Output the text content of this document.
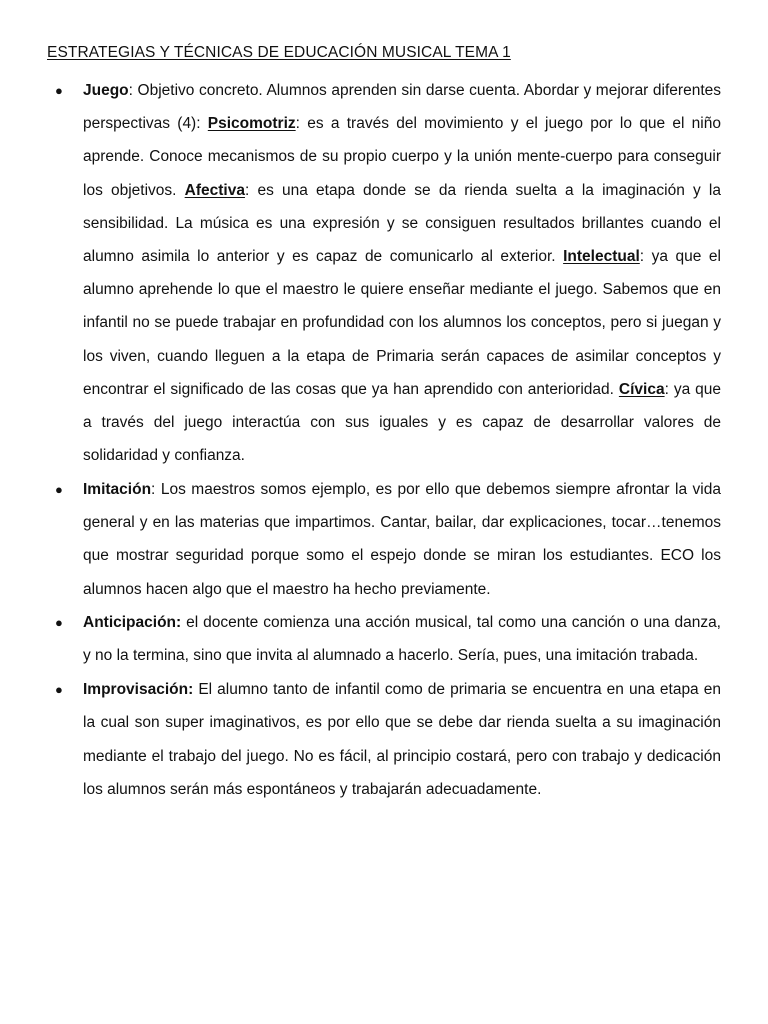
ESTRATEGIAS Y TÉCNICAS DE EDUCACIÓN MUSICAL TEMA 1
● Juego: Objetivo concreto. Alumnos aprenden sin darse cuenta. Abordar y mejorar diferentes perspectivas (4): Psicomotriz: es a través del movimiento y el juego por lo que el niño aprende. Conoce mecanismos de su propio cuerpo y la unión mente-cuerpo para conseguir los objetivos. Afectiva: es una etapa donde se da rienda suelta a la imaginación y la sensibilidad. La música es una expresión y se consiguen resultados brillantes cuando el alumno asimila lo anterior y es capaz de comunicarlo al exterior. Intelectual: ya que el alumno aprehende lo que el maestro le quiere enseñar mediante el juego. Sabemos que en infantil no se puede trabajar en profundidad con los alumnos los conceptos, pero si juegan y los viven, cuando lleguen a la etapa de Primaria serán capaces de asimilar conceptos y encontrar el significado de las cosas que ya han aprendido con anterioridad. Cívica: ya que a través del juego interactúa con sus iguales y es capaz de desarrollar valores de solidaridad y confianza.
● Imitación: Los maestros somos ejemplo, es por ello que debemos siempre afrontar la vida general y en las materias que impartimos. Cantar, bailar, dar explicaciones, tocar…tenemos que mostrar seguridad porque somo el espejo donde se miran los estudiantes. ECO los alumnos hacen algo que el maestro ha hecho previamente.
● Anticipación: el docente comienza una acción musical, tal como una canción o una danza, y no la termina, sino que invita al alumnado a hacerlo. Sería, pues, una imitación trabada.
● Improvisación: El alumno tanto de infantil como de primaria se encuentra en una etapa en la cual son super imaginativos, es por ello que se debe dar rienda suelta a su imaginación mediante el trabajo del juego. No es fácil, al principio costará, pero con trabajo y dedicación los alumnos serán más espontáneos y trabajarán adecuadamente.
